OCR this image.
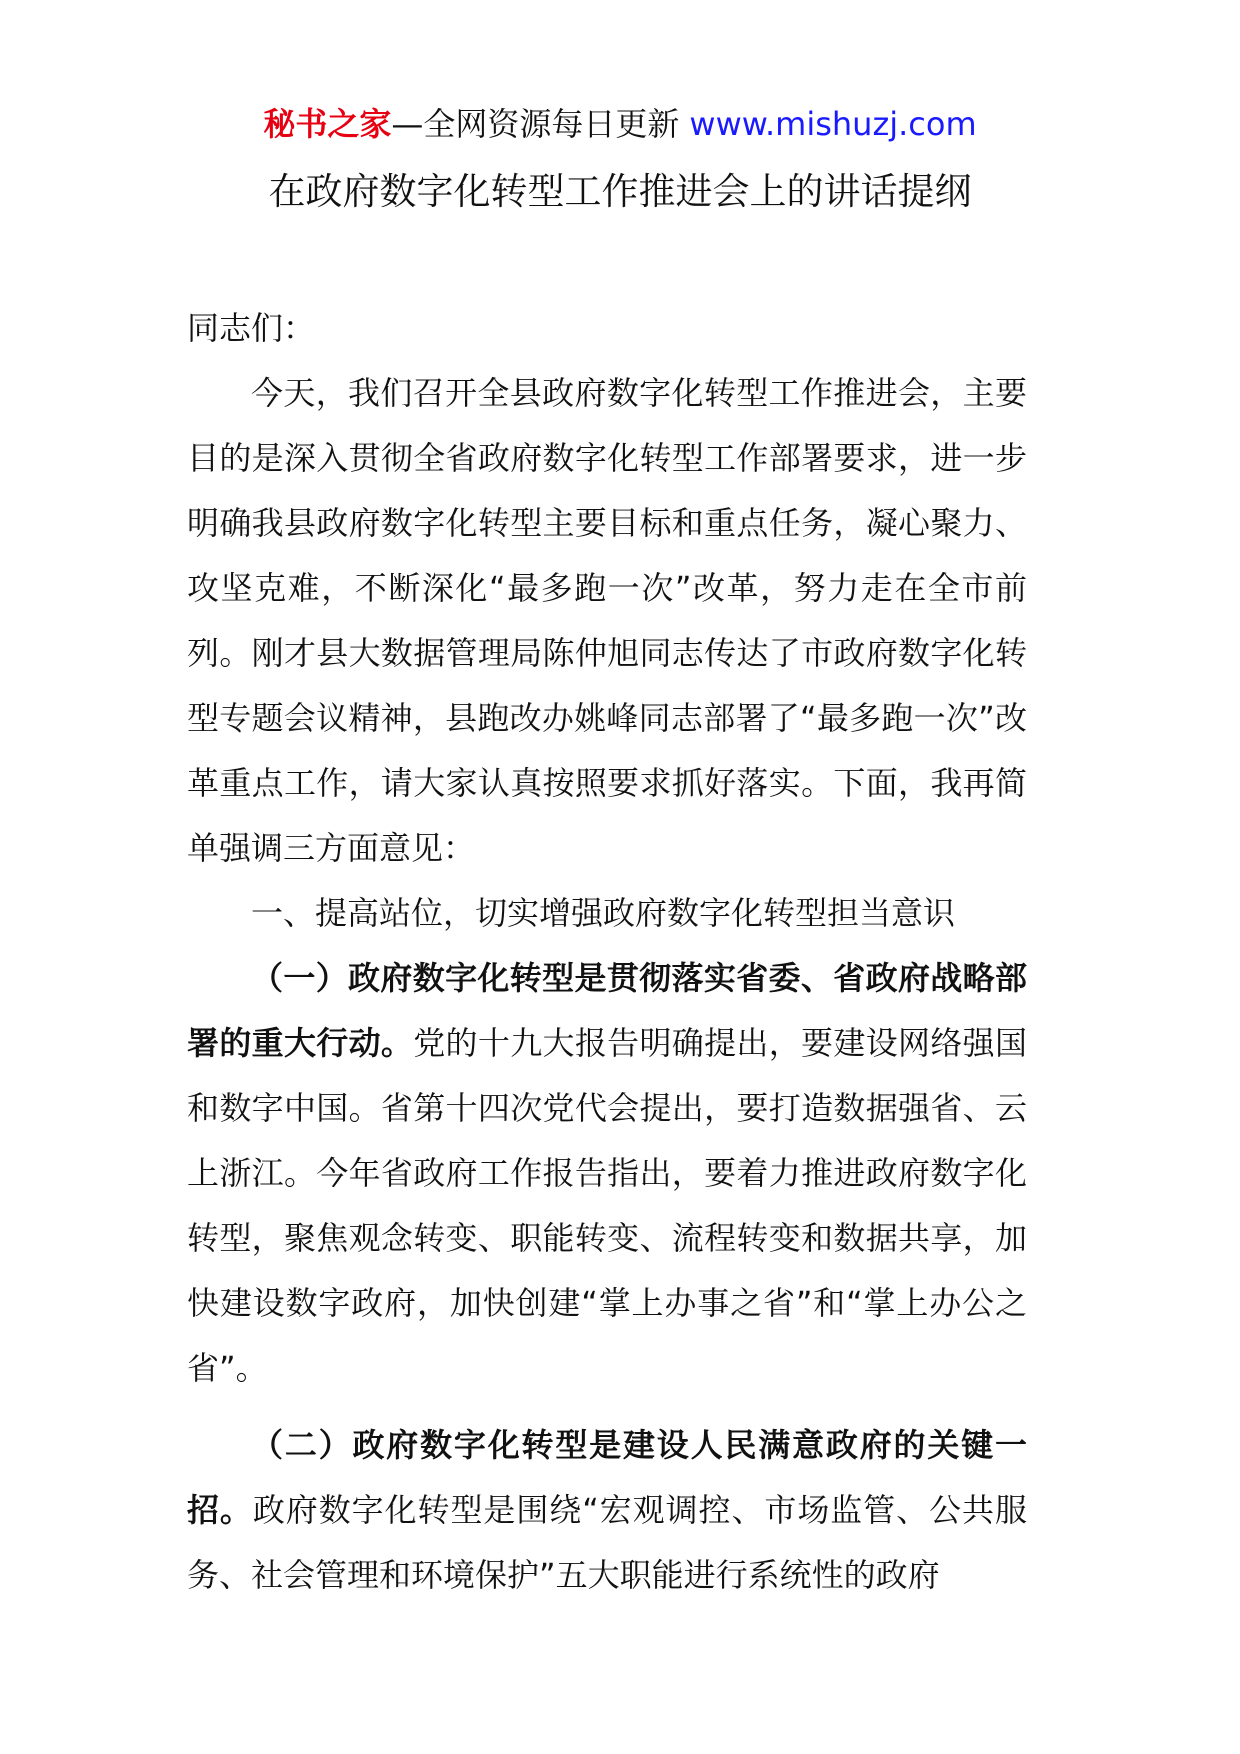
秘书之家—全网资源每日更新 www.mishuzj.com
在政府数字化转型工作推进会上的讲话提纲

同志们：

今天，我们召开全县政府数字化转型工作推进会，主要目的是深入贯彻全省政府数字化转型工作部署要求，进一步明确我县政府数字化转型主要目标和重点任务，凝心聚力、攻坚克难，不断深化“最多跑一次”改革，努力走在全市前列。刚才县大数据管理局陈仲旭同志传达了市政府数字化转型专题会议精神，县跑改办姚峰同志部署了“最多跑一次”改革重点工作，请大家认真按照要求抓好落实。下面，我再简单强调三方面意见：

一、提高站位，切实增强政府数字化转型担当意识

（一）政府数字化转型是贯彻落实省委、省政府战略部署的重大行动。党的十九大报告明确提出，要建设网络强国和数字中国。省第十四次党代会提出，要打造数据强省、云上浙江。今年省政府工作报告指出，要着力推进政府数字化转型，聚焦观念转变、职能转变、流程转变和数据共享，加快建设数字政府，加快创建“掌上办事之省”和“掌上办公之省”。

（二）政府数字化转型是建设人民满意政府的关键一招。政府数字化转型是围绕“宏观调控、市场监管、公共服务、社会管理和环境保护”五大职能进行系统性的政府
